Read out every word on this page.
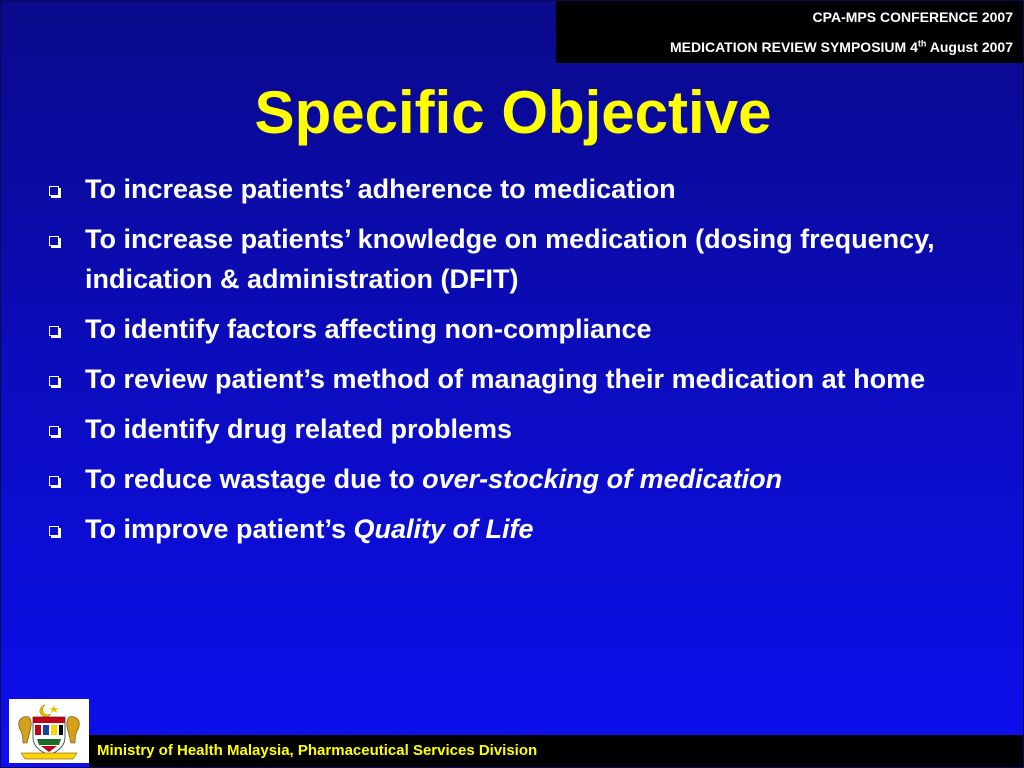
CPA-MPS CONFERENCE 2007
MEDICATION REVIEW SYMPOSIUM 4th August 2007
Specific Objective
To increase patients’ adherence to medication
To increase patients’ knowledge on medication (dosing frequency, indication & administration (DFIT)
To identify factors affecting non-compliance
To review patient’s method of managing their medication at home
To identify drug related problems
To reduce wastage due to over-stocking of medication
To improve patient’s Quality of Life
Ministry of Health Malaysia, Pharmaceutical Services Division
